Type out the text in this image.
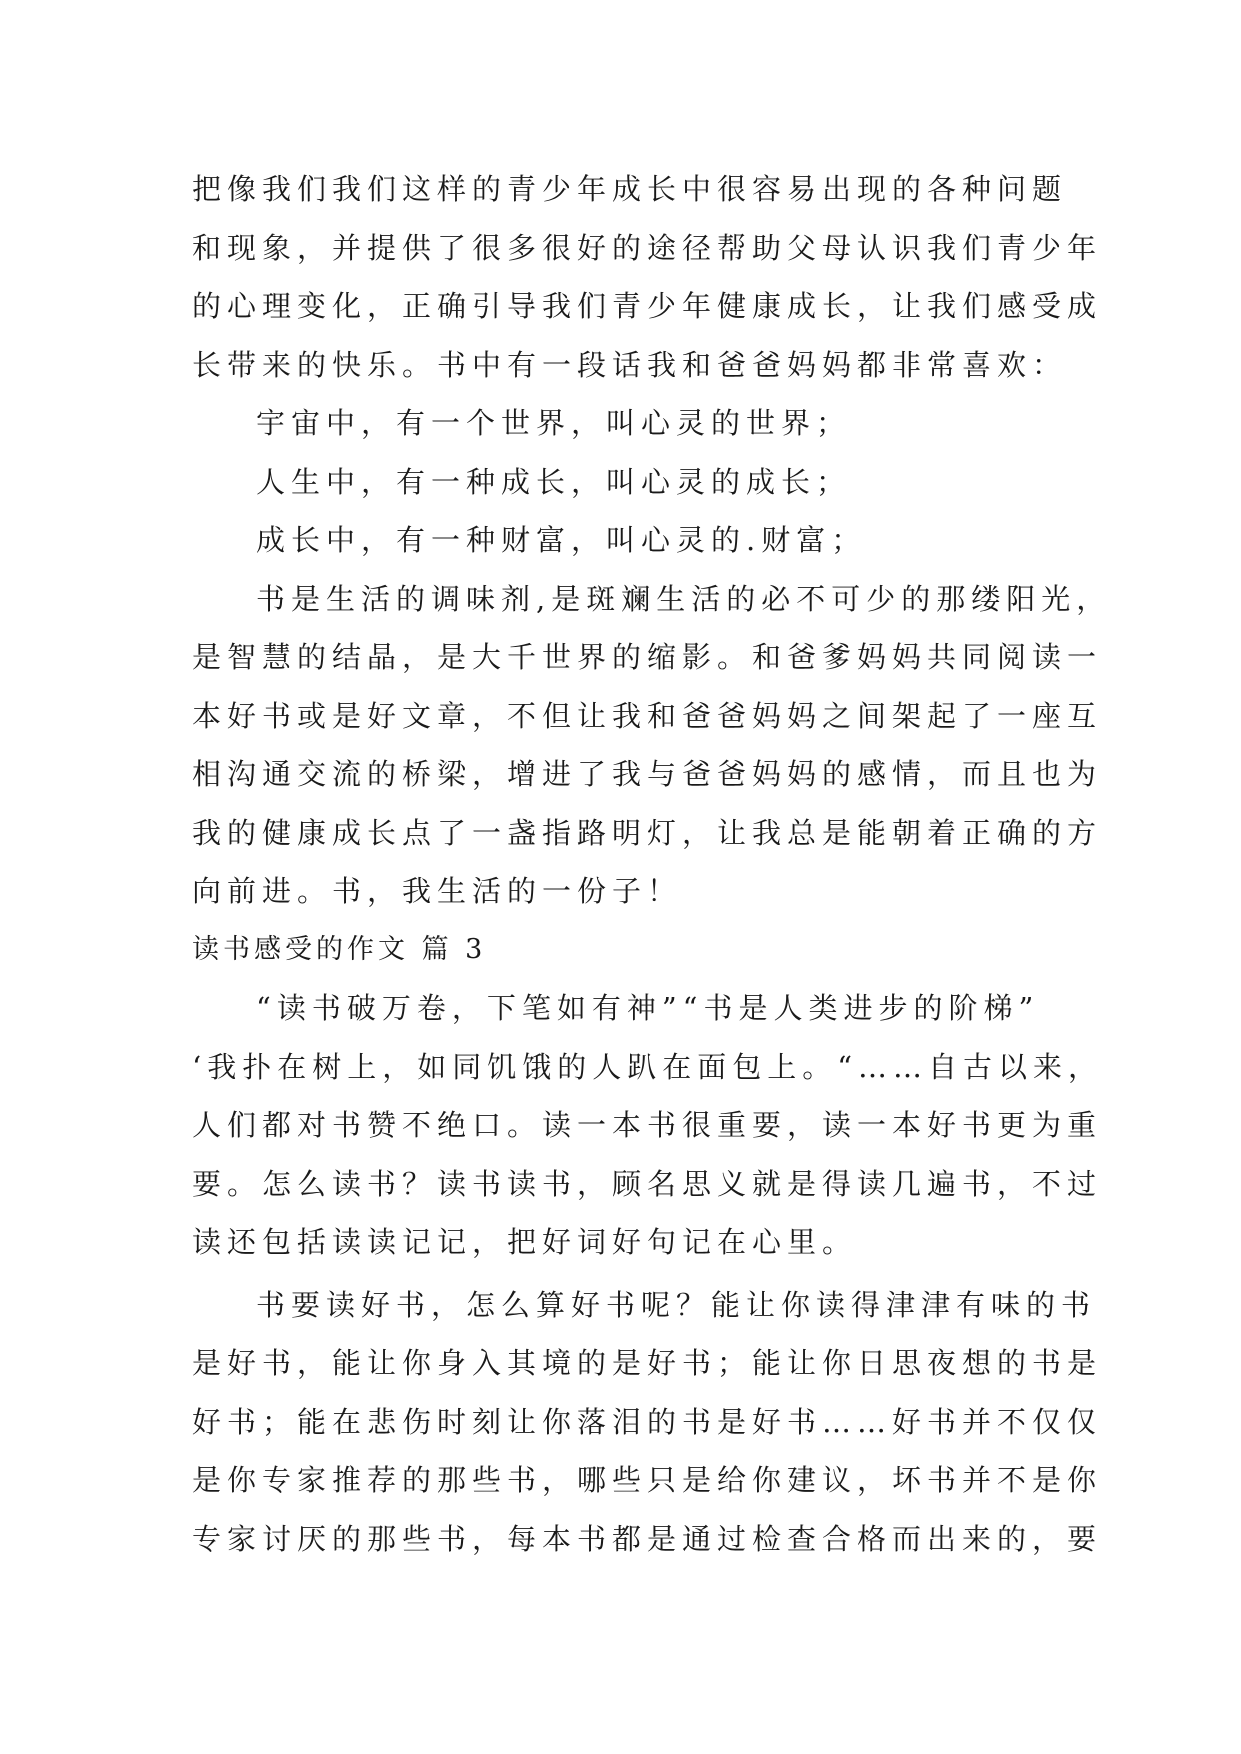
把像我们我们这样的青少年成长中很容易出现的各种问题
和现象，并提供了很多很好的途径帮助父母认识我们青少年
的心理变化，正确引导我们青少年健康成长，让我们感受成
长带来的快乐。书中有一段话我和爸爸妈妈都非常喜欢：
宇宙中，有一个世界，叫心灵的世界；
人生中，有一种成长，叫心灵的成长；
成长中，有一种财富，叫心灵的.财富；
书是生活的调味剂,是斑斓生活的必不可少的那缕阳光，
是智慧的结晶，是大千世界的缩影。和爸爹妈妈共同阅读一
本好书或是好文章，不但让我和爸爸妈妈之间架起了一座互
相沟通交流的桥梁，增进了我与爸爸妈妈的感情，而且也为
我的健康成长点了一盏指路明灯，让我总是能朝着正确的方
向前进。书，我生活的一份子！
读书感受的作文 篇 3
“读书破万卷，下笔如有神”“书是人类进步的阶梯”
‘我扑在树上，如同饥饿的人趴在面包上。“……自古以来，
人们都对书赞不绝口。读一本书很重要，读一本好书更为重
要。怎么读书？读书读书，顾名思义就是得读几遍书，不过
读还包括读读记记，把好词好句记在心里。
书要读好书，怎么算好书呢？能让你读得津津有味的书
是好书，能让你身入其境的是好书；能让你日思夜想的书是
好书；能在悲伤时刻让你落泪的书是好书……好书并不仅仅
是你专家推荐的那些书，哪些只是给你建议，坏书并不是你
专家讨厌的那些书，每本书都是通过检查合格而出来的，要
